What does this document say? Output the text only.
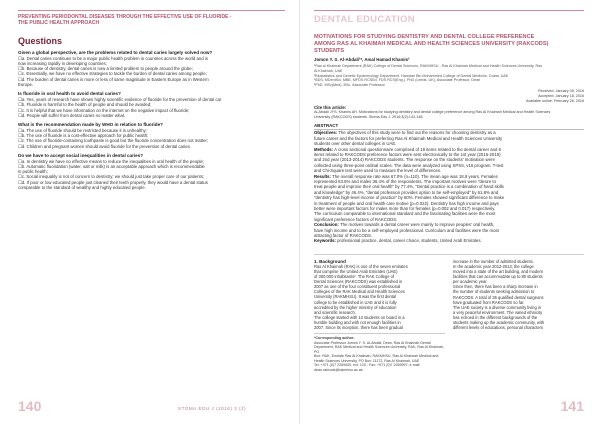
PREVENTING PERIODONTAL DISEASES THROUGH THE EFFECTIVE USE OF FLUORIDE -
THE PUBLIC HEALTH APPROACH
Questions
Given a global perspective, are the problems related to dental caries largely solved now?
☐a. Dental caries continues to be a major public health problem in countries across the world and is
now increasing rapidly in developing countries;
☐b. Because of dentistry, dental caries is now a limited problem to people around the globe;
☐c. Essentially, we have no effective strategies to tackle the burden of dental caries among people;
☐d. The burden of dental caries is more or less of same magnitude in Eastern Europe as in Western
Europe.
Is fluoride in oral health to avoid dental caries?
☐a. Yes, years of research have shown highly scientific evidence of fluoride for the prevention of dental car
☐b. Fluoride is harmful to the health of people and should be avoided;
☐c. It is helpful that we have information on the internet on the negative impact of fluoride;
☐d. People will suffer from dental caries no matter what.
What is the recommendation made by WHO in relation to fluoride?
☐a. The use of fluoride should be restricted because it is unhealthy;
☐b. The use of fluoride is a cost-effective approach for public health;
☐c. The use of fluoride-containing toothpaste is good but the fluoride concentration does not matter;
☐d. Children and pregnant women should avoid fluoride for the prevention of dental caries.
Do we have to accept social inequalities in dental caries?
☐a. In dentistry we have no effective means to reduce the inequalities in oral health of the people;
☐b. Automatic fluoridation (water, salt or milk) is an acceptable approach which is recommendable
in public health;
☐c. Social inequality is not of concern to dentistry; we should just take proper care of our patients;
☐d. If poor or low educated people just cleaned their teeth properly, they would have a dental status
comparable to the standard of wealthy and highly educated people.
140	STOMA.EDU J (2016) 3 (2)
DENTAL EDUCATION
MOTIVATIONS FOR STUDYING DENTISTRY AND DENTAL COLLEGE PREFERENCE
AMONG RAS AL KHAIMAH MEDICAL AND HEALTH SCIENCES UNIVERSITY (RAKCODS)
STUDENTS
Jomon Y. S. Al-Abdali¹*, Amal Hamad Khamis²
¹Ras al Khaimah Department (RAK) College of Dental Sciences, RAKMHSU - Ras Al Khaimah Medical and Health Sciences University, Ras
Al Khaimah, UAE
²Biostatistics and Genetic Epidemiology Department, Hamdan Bin Mohammed College of Dental Medicine, Dubai, UAE
¹BDS, MDentSci, MBE, MFDS RCSEd, FDS RCS(Eng.), PhD (Leeds, UK), Associate Professor, Dean
²PhD, MSc(Med), BSc, Associate Professor
Received: January 05, 2016
Accepted: January 18, 2016
Available online: February 26, 2016
Cite this article:
Al-Abdali JYS, Khamis AH. Motivations for studying dentistry and dental college preference among Ras Al Khaimah Medical and Health Sciences
University (RAKCODS) students. Stoma Edu J. 2016;3(2):143-148.
ABSTRACT
Objectives: The objectives of this study were to find out the reasons for choosing dentistry as a
future career and the factors for preferring Ras Al Khaimah Medical and Health Sciences University
students over other dental colleges in UAE.
Methods: A cross sectional questionnaire comprised of 19 items related to the dental career and 6
items related to RAKCODS preference factors were sent electronically to the 1st year (2016-2015)
and 2nd year (2013-2014) RAKCODS students. The response on the students' motivation were
collected using three-point ordinal scales. The data were analyzed using SPSS, v16 program. T-test
and Chi-Square test were used to measure the level of differences.
Results: The overall response rate was 67.0% (n=110). The mean age was 18.9 years. Females
represented 63.6% and males 36.4% of the respondents. The important motives were "desire to
treat people and improve their oral health" by 77.4%, "Dental practice is a combination of hand skills
and knowledge" by 46.4%, "dental profession provides option to be self-employed" by 61.8% and
"dentistry has high-level income of practice" by 60%. Females showed significant difference to make
in treatment of people and oral health care motive (p=0.022). Dentistry has high income and pays
better were important factors for males more than for females (p=0.002 and 0.017) respectively.
The curriculum comparable to international standard and the fascinating facilities were the most
significant preference factors of RAKCODS.
Conclusion: The motives towards a dental career were mainly to improve peoples' oral health,
have high income and to be a self-employed professional. Curriculum and facilities were the most
attracting factor of RAKCODS.
Keywords: professional practice, dental, career choice, students, United Arab Emirates.
1. Background
Ras Al Khaimah (RAK) is one of the seven emirates
that comprise the United Arab Emirates (UAE)
of 300.000 inhabitants². The RAK College of
Dental Sciences (RAKCODS) was established in
2007 as one of the four constituent professional
Colleges of the RAK Medical and Health Sciences
University (RAKMHSU). It was the first dental
college to be established in UAE and it is fully
accredited by the higher ministry of education
and scientific research.
The college started with 13 students on board in a
humble building and with not enough facilities in
2007. Since its inception, there has been gradual
*Corresponding author:
Associate Professor Jomon Y. S. Al-Abdali, Dean, Ras Al Khaimah Dental Department, RAK Medical and Health Sciences University, RAK, Ras Al Khaimah, PO
Box: RAK, Emirate Ras Al Khaimah, RAKMHSU, Ras Al Khaimah Medical and Health Sciences University, PO Box: 11172, Ras Al Khaimah, UAE
Tel: +971 (0)7 2269000, ext. 120 - Fax: +971 (0)7 2269997; e-mail: dean.rakcods@rakmhsu.ac.ae
increase in the number of admitted students.
In the academic year 2012-2013, the college
moved into a state of the art building, and modern
facilities that can accommodate up to 80 students
per academic year.
Since then, there has been a sharp increase in
the number of students seeking admission to
RAKCODS. A total of 36 qualified dental surgeons
have graduated from RAKCODS so far.
The UAE society is a diverse community living in
a very peaceful environment. The varied ethnicity
has echoed in the different backgrounds of the
students making up the academic community, with
different levels of educations, personal characters
141
